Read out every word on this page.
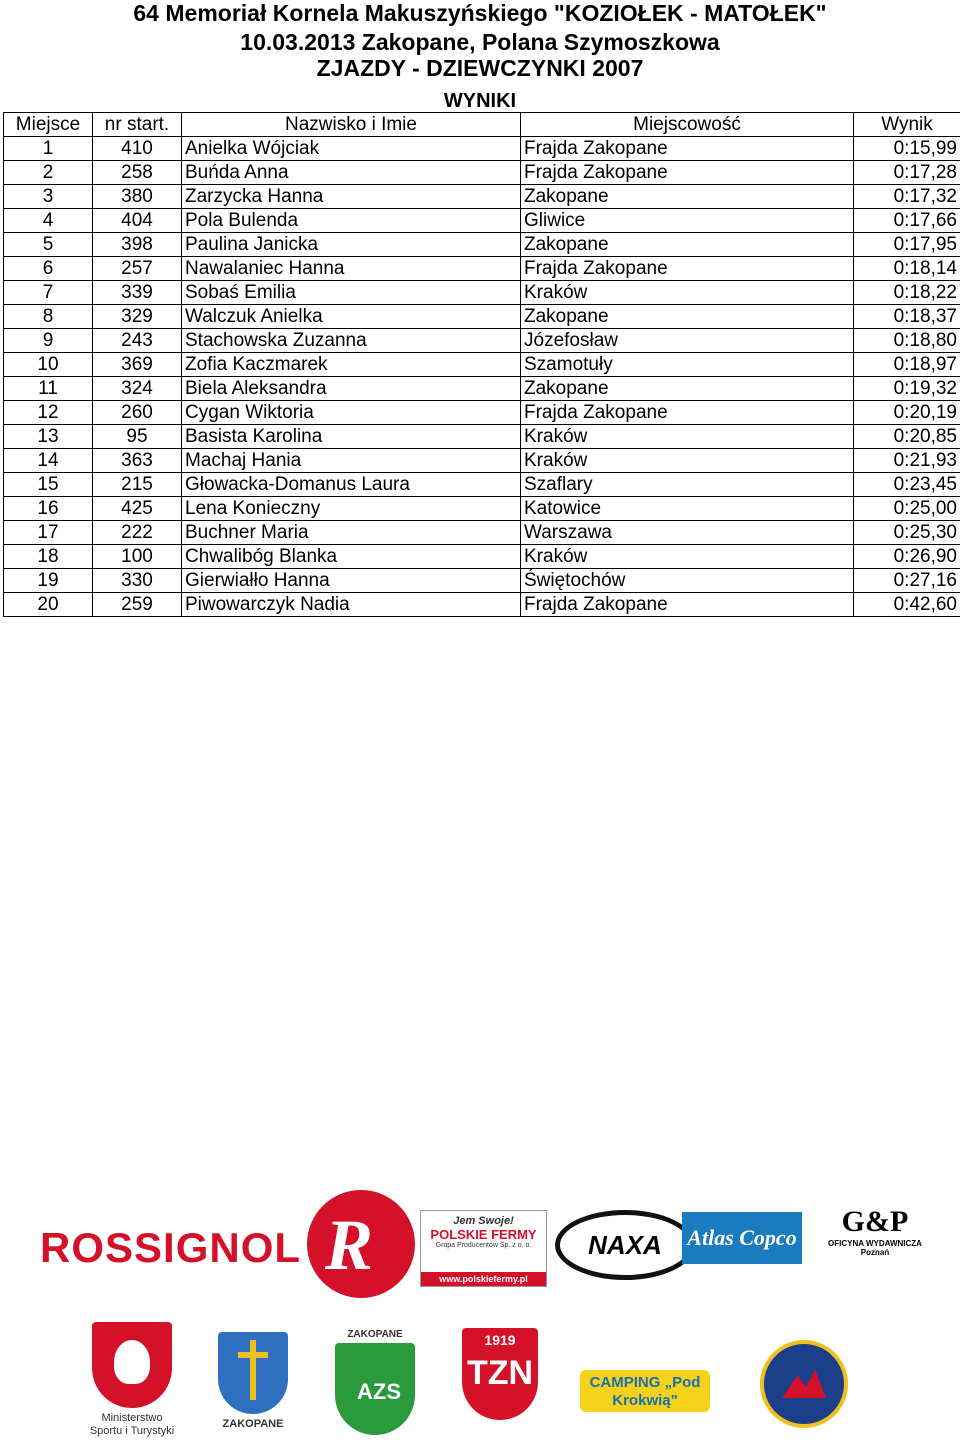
64 Memoriał Kornela Makuszyńskiego "KOZIOŁEK - MATOŁEK"
10.03.2013 Zakopane, Polana Szymoszkowa
ZJAZDY - DZIEWCZYNKI 2007
WYNIKI
Miejsce	nr start.	Nazwisko i Imie	Miejscowość	Wynik
1	410	Anielka Wójciak	Frajda Zakopane	0:15,99
2	258	Buńda Anna	Frajda Zakopane	0:17,28
3	380	Zarzycka Hanna	Zakopane	0:17,32
4	404	Pola Bulenda	Gliwice	0:17,66
5	398	Paulina Janicka	Zakopane	0:17,95
6	257	Nawalaniec Hanna	Frajda Zakopane	0:18,14
7	339	Sobaś Emilia	Kraków	0:18,22
8	329	Walczuk Anielka	Zakopane	0:18,37
9	243	Stachowska Zuzanna	Józefosław	0:18,80
10	369	Zofia Kaczmarek	Szamotuły	0:18,97
11	324	Biela Aleksandra	Zakopane	0:19,32
12	260	Cygan Wiktoria	Frajda Zakopane	0:20,19
13	95	Basista Karolina	Kraków	0:20,85
14	363	Machaj Hania	Kraków	0:21,93
15	215	Głowacka-Domanus Laura	Szaflary	0:23,45
16	425	Lena Konieczny	Katowice	0:25,00
17	222	Buchner Maria	Warszawa	0:25,30
18	100	Chwalibóg Blanka	Kraków	0:26,90
19	330	Gierwiałło Hanna	Świętochów	0:27,16
20	259	Piwowarczyk Nadia	Frajda Zakopane	0:42,60
ROSSIGNOL R	Jem Swoje!
POLSKIE FERMY
Grupa Producentów Sp. z o. o.
www.polskiefermy.pl
NAXA	Atlas Copco	G&P
OFICYNA WYDAWNICZA Poznań
Ministerstwo Sportu i Turystyki
ZAKOPANE
ZAKOPANE
AZS
1919
TZN	CAMPING „Pod Krokwią"
